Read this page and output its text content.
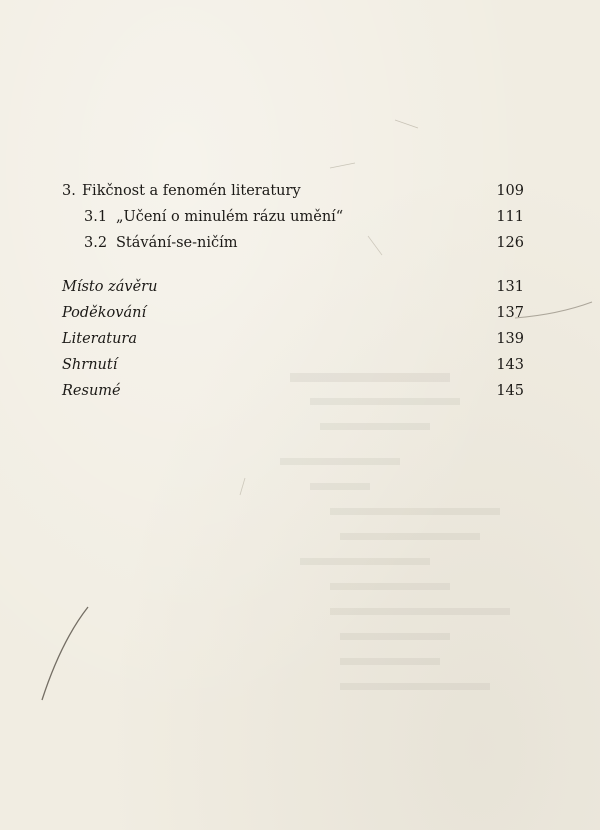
3. Fikčnost a fenomén literatury	109
3.1 „Učení o minulém rázu umění“	111
3.2 Stávání-se-ničím	126
Místo závěru	131
Poděkování	137
Literatura	139
Shrnutí	143
Resumé	145
